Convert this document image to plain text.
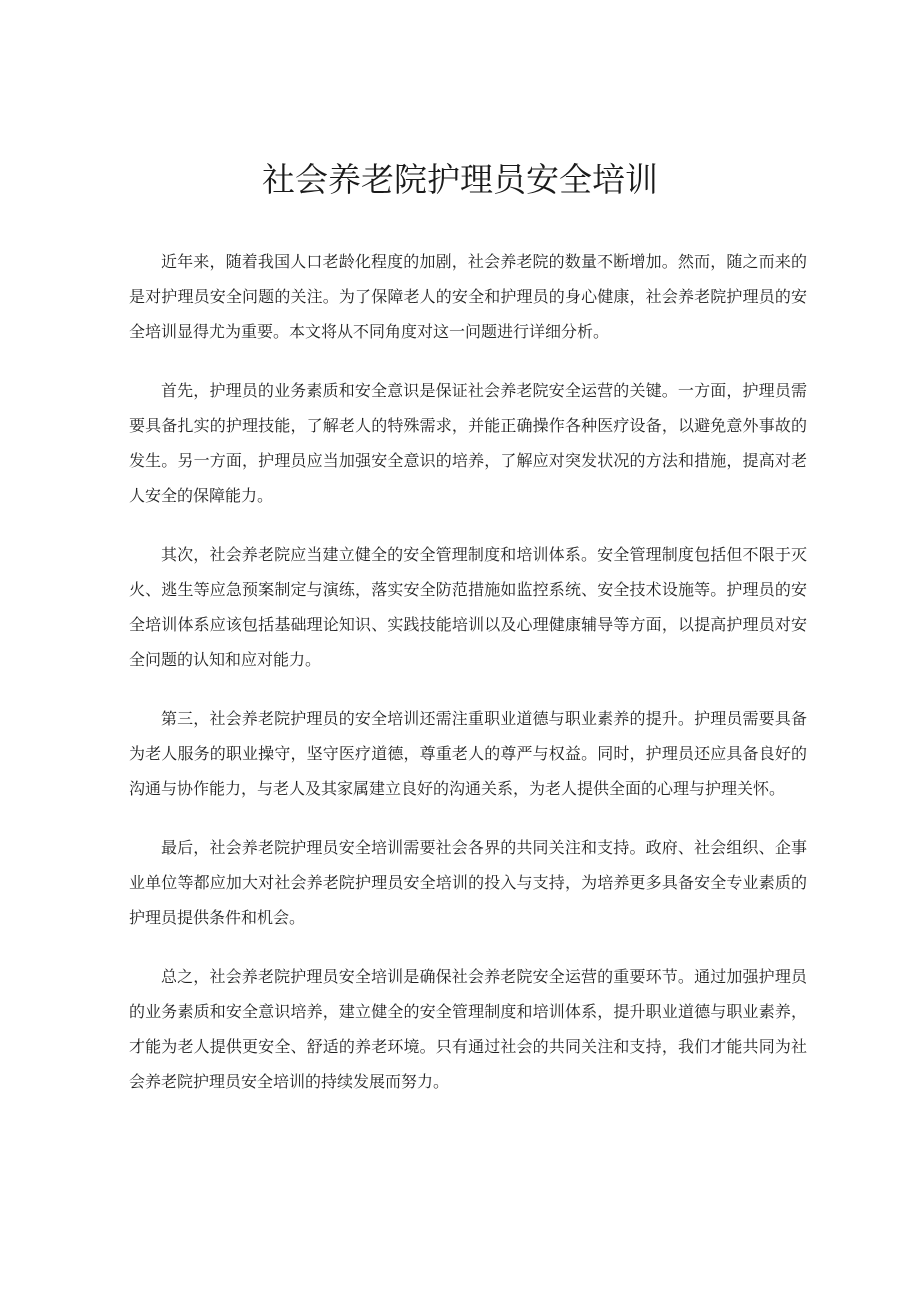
社会养老院护理员安全培训

近年来，随着我国人口老龄化程度的加剧，社会养老院的数量不断增加。然而，随之而来的是对护理员安全问题的关注。为了保障老人的安全和护理员的身心健康，社会养老院护理员的安全培训显得尤为重要。本文将从不同角度对这一问题进行详细分析。

首先，护理员的业务素质和安全意识是保证社会养老院安全运营的关键。一方面，护理员需要具备扎实的护理技能，了解老人的特殊需求，并能正确操作各种医疗设备，以避免意外事故的发生。另一方面，护理员应当加强安全意识的培养，了解应对突发状况的方法和措施，提高对老人安全的保障能力。

其次，社会养老院应当建立健全的安全管理制度和培训体系。安全管理制度包括但不限于灭火、逃生等应急预案制定与演练，落实安全防范措施如监控系统、安全技术设施等。护理员的安全培训体系应该包括基础理论知识、实践技能培训以及心理健康辅导等方面，以提高护理员对安全问题的认知和应对能力。

第三，社会养老院护理员的安全培训还需注重职业道德与职业素养的提升。护理员需要具备为老人服务的职业操守，坚守医疗道德，尊重老人的尊严与权益。同时，护理员还应具备良好的沟通与协作能力，与老人及其家属建立良好的沟通关系，为老人提供全面的心理与护理关怀。

最后，社会养老院护理员安全培训需要社会各界的共同关注和支持。政府、社会组织、企事业单位等都应加大对社会养老院护理员安全培训的投入与支持，为培养更多具备安全专业素质的护理员提供条件和机会。

总之，社会养老院护理员安全培训是确保社会养老院安全运营的重要环节。通过加强护理员的业务素质和安全意识培养，建立健全的安全管理制度和培训体系，提升职业道德与职业素养，才能为老人提供更安全、舒适的养老环境。只有通过社会的共同关注和支持，我们才能共同为社会养老院护理员安全培训的持续发展而努力。
